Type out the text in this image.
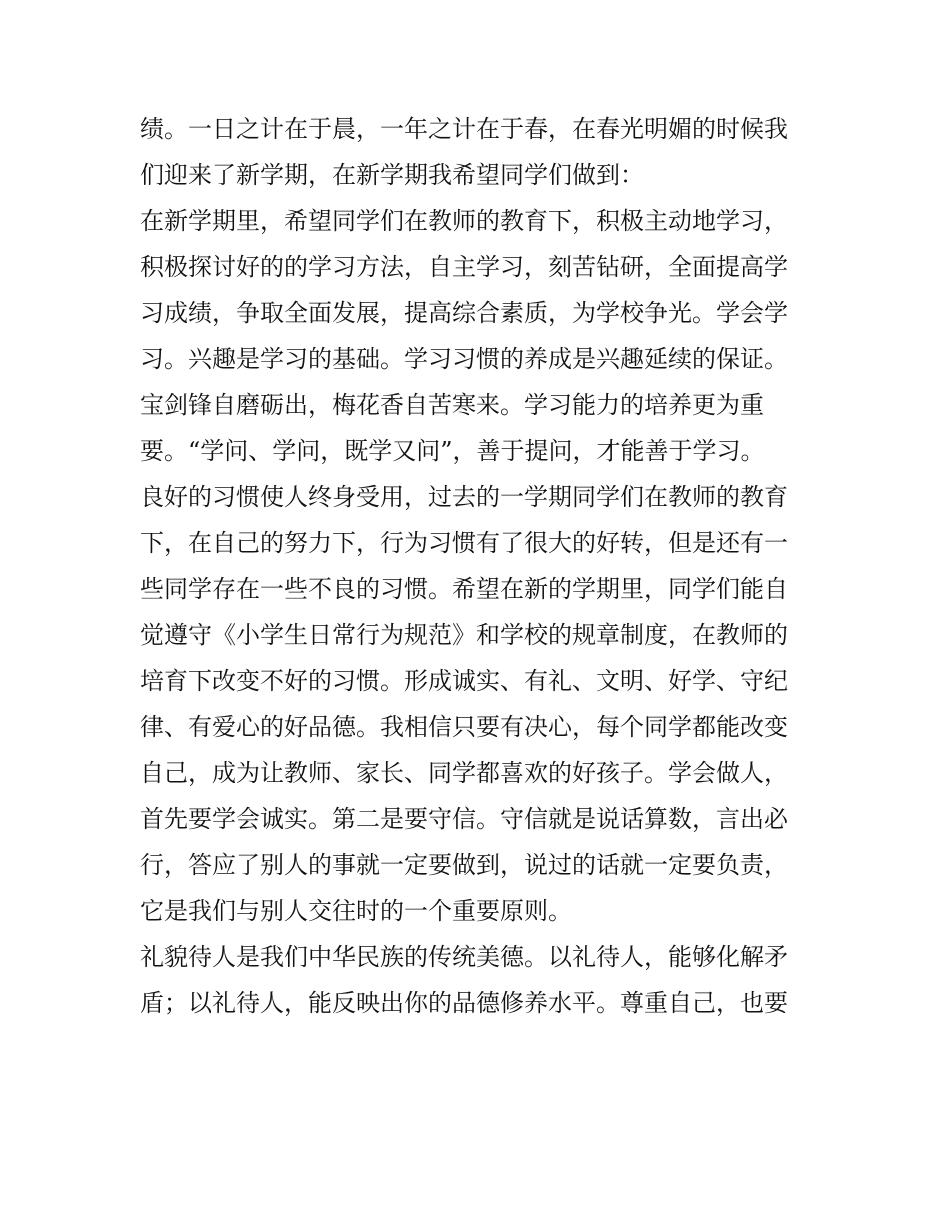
绩。一日之计在于晨，一年之计在于春，在春光明媚的时候我
们迎来了新学期，在新学期我希望同学们做到：
在新学期里，希望同学们在教师的教育下，积极主动地学习，
积极探讨好的的学习方法，自主学习，刻苦钻研，全面提高学
习成绩，争取全面发展，提高综合素质，为学校争光。学会学
习。兴趣是学习的基础。学习习惯的养成是兴趣延续的保证。
宝剑锋自磨砺出，梅花香自苦寒来。学习能力的培养更为重
要。“学问、学问，既学又问”，善于提问，才能善于学习。
良好的习惯使人终身受用，过去的一学期同学们在教师的教育
下，在自己的努力下，行为习惯有了很大的好转，但是还有一
些同学存在一些不良的习惯。希望在新的学期里，同学们能自
觉遵守《小学生日常行为规范》和学校的规章制度，在教师的
培育下改变不好的习惯。形成诚实、有礼、文明、好学、守纪
律、有爱心的好品德。我相信只要有决心，每个同学都能改变
自己，成为让教师、家长、同学都喜欢的好孩子。学会做人，
首先要学会诚实。第二是要守信。守信就是说话算数，言出必
行，答应了别人的事就一定要做到，说过的话就一定要负责，
它是我们与别人交往时的一个重要原则。
礼貌待人是我们中华民族的传统美德。以礼待人，能够化解矛
盾；以礼待人，能反映出你的品德修养水平。尊重自己，也要
